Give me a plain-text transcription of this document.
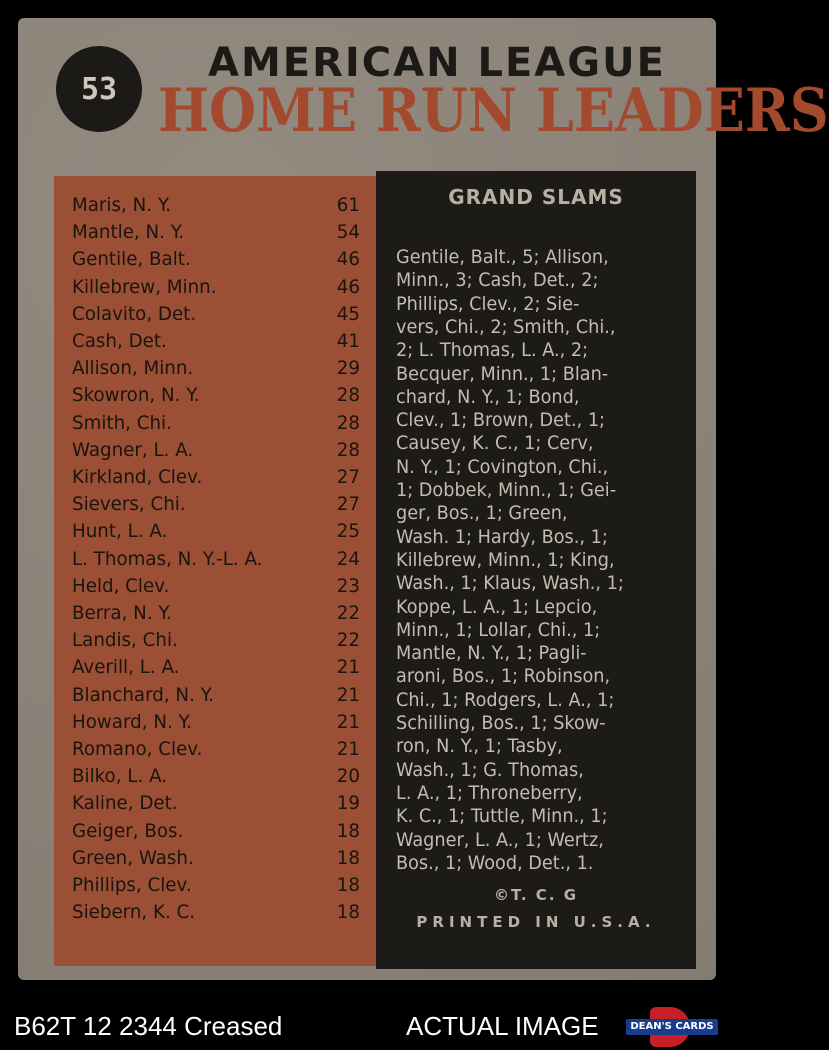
53
AMERICAN LEAGUE
HOME RUN LEADERS
Maris, N. Y.	61
Mantle, N. Y.	54
Gentile, Balt.	46
Killebrew, Minn.	46
Colavito, Det.	45
Cash, Det.	41
Allison, Minn.	29
Skowron, N. Y.	28
Smith, Chi.	28
Wagner, L. A.	28
Kirkland, Clev.	27
Sievers, Chi.	27
Hunt, L. A.	25
L. Thomas, N. Y.-L. A.	24
Held, Clev.	23
Berra, N. Y.	22
Landis, Chi.	22
Averill, L. A.	21
Blanchard, N. Y.	21
Howard, N. Y.	21
Romano, Clev.	21
Bilko, L. A.	20
Kaline, Det.	19
Geiger, Bos.	18
Green, Wash.	18
Phillips, Clev.	18
Siebern, K. C.	18
GRAND SLAMS
©T. C. G
PRINTED IN U.S.A.
Gentile, Balt., 5; Allison,
Minn., 3; Cash, Det., 2;
Phillips, Clev., 2; Sie-
vers, Chi., 2; Smith, Chi.,
2; L. Thomas, L. A., 2;
Becquer, Minn., 1; Blan-
chard, N. Y., 1; Bond,
Clev., 1; Brown, Det., 1;
Causey, K. C., 1; Cerv,
N. Y., 1; Covington, Chi.,
1; Dobbek, Minn., 1; Gei-
ger, Bos., 1; Green,
Wash. 1; Hardy, Bos., 1;
Killebrew, Minn., 1; King,
Wash., 1; Klaus, Wash., 1;
Koppe, L. A., 1; Lepcio,
Minn., 1; Lollar, Chi., 1;
Mantle, N. Y., 1; Pagli-
aroni, Bos., 1; Robinson,
Chi., 1; Rodgers, L. A., 1;
Schilling, Bos., 1; Skow-
ron, N. Y., 1; Tasby,
Wash., 1; G. Thomas,
L. A., 1; Throneberry,
K. C., 1; Tuttle, Minn., 1;
Wagner, L. A., 1; Wertz,
Bos., 1; Wood, Det., 1.
B62T 12 2344 Creased	ACTUAL IMAGE	DEAN'S CARDS
